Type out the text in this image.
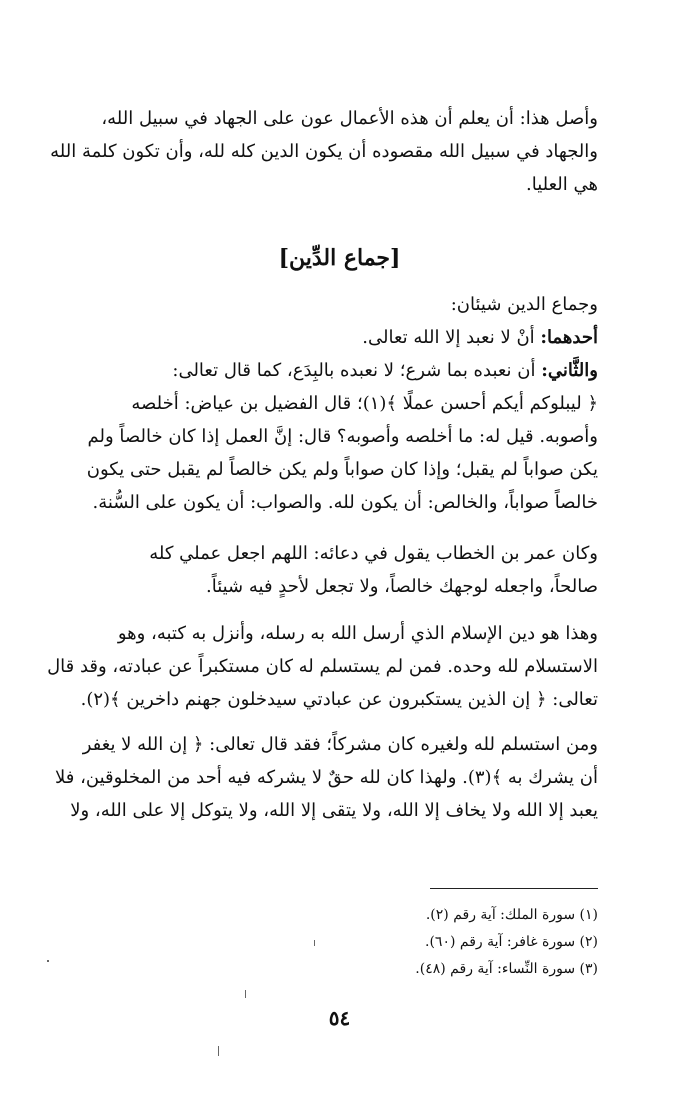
وأصل هذا: أن يعلم أن هذه الأعمال عون على الجهاد في سبيل الله،
والجهاد في سبيل الله مقصوده أن يكون الدين كله لله، وأن تكون كلمة الله
هي العليا.
[جماع الدِّين]
وجماع الدين شيئان:
أحدهما: أنْ لا نعبد إلا الله تعالى.
والثَّاني: أن نعبده بما شرع؛ لا نعبده بالبِدَع، كما قال تعالى:
﴿ ليبلوكم أيكم أحسن عملًا ﴾(١)؛ قال الفضيل بن عياض: أخلصه
وأصوبه. قيل له: ما أخلصه وأصوبه؟ قال: إنَّ العمل إذا كان خالصاً ولم
يكن صواباً لم يقبل؛ وإذا كان صواباً ولم يكن خالصاً لم يقبل حتى يكون
خالصاً صواباً، والخالص: أن يكون لله. والصواب: أن يكون على السُّنة.
وكان عمر بن الخطاب يقول في دعائه: اللهم اجعل عملي كله
صالحاً، واجعله لوجهك خالصاً، ولا تجعل لأحدٍ فيه شيئاً.
وهذا هو دين الإسلام الذي أرسل الله به رسله، وأنزل به كتبه، وهو
الاستسلام لله وحده. فمن لم يستسلم له كان مستكبراً عن عبادته، وقد قال
تعالى: ﴿ إن الذين يستكبرون عن عبادتي سيدخلون جهنم داخرين ﴾(٢).
ومن استسلم لله ولغيره كان مشركاً؛ فقد قال تعالى: ﴿ إن الله لا يغفر
أن يشرك به ﴾(٣). ولهذا كان لله حقٌ لا يشركه فيه أحد من المخلوقين، فلا
يعبد إلا الله ولا يخاف إلا الله، ولا يتقى إلا الله، ولا يتوكل إلا على الله، ولا
(١) سورة الملك: آية رقم (٢).
(٢) سورة غافر: آية رقم (٦٠).
(٣) سورة النِّساء: آية رقم (٤٨).
٥٤
